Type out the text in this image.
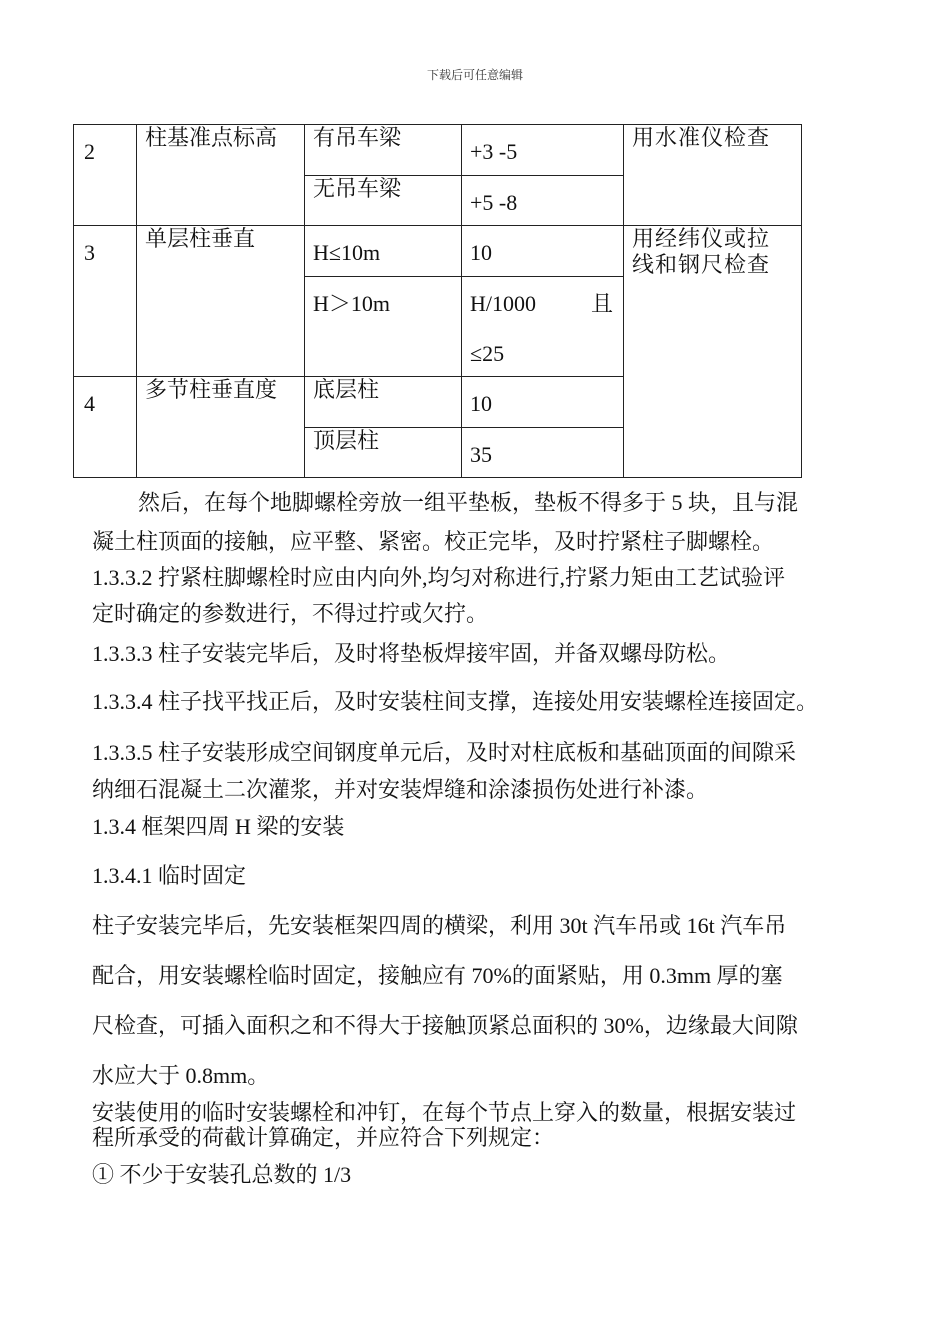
下载后可任意编辑
2	柱基准点标高	有吊车梁	+3 -5	用水准仪检查
		无吊车梁	+5 -8	
3	单层柱垂直	H≤10m	10	用经纬仪或拉
线和钢尺检查

		H＞10m	H/1000 且
≤25	

4	多节柱垂直度	底层柱	10	
		顶层柱	35	

然后，在每个地脚螺栓旁放一组平垫板，垫板不得多于 5 块，且与混

凝土柱顶面的接触，应平整、紧密。校正完毕，及时拧紧柱子脚螺栓。

1.3.3.2 拧紧柱脚螺栓时应由内向外,均匀对称进行,拧紧力矩由工艺试验评

定时确定的参数进行，不得过拧或欠拧。

1.3.3.3 柱子安装完毕后，及时将垫板焊接牢固，并备双螺母防松。

1.3.3.4 柱子找平找正后，及时安装柱间支撑，连接处用安装螺栓连接固定。

1.3.3.5 柱子安装形成空间钢度单元后，及时对柱底板和基础顶面的间隙采

纳细石混凝土二次灌浆，并对安装焊缝和涂漆损伤处进行补漆。

1.3.4 框架四周 H 梁的安装

1.3.4.1 临时固定

柱子安装完毕后，先安装框架四周的横梁，利用 30t 汽车吊或 16t 汽车吊

配合，用安装螺栓临时固定，接触应有 70%的面紧贴，用 0.3mm 厚的塞

尺检查，可插入面积之和不得大于接触顶紧总面积的 30%，边缘最大间隙

水应大于 0.8mm。

安装使用的临时安装螺栓和冲钉，在每个节点上穿入的数量，根据安装过

程所承受的荷截计算确定，并应符合下列规定：

① 不少于安装孔总数的 1/3
